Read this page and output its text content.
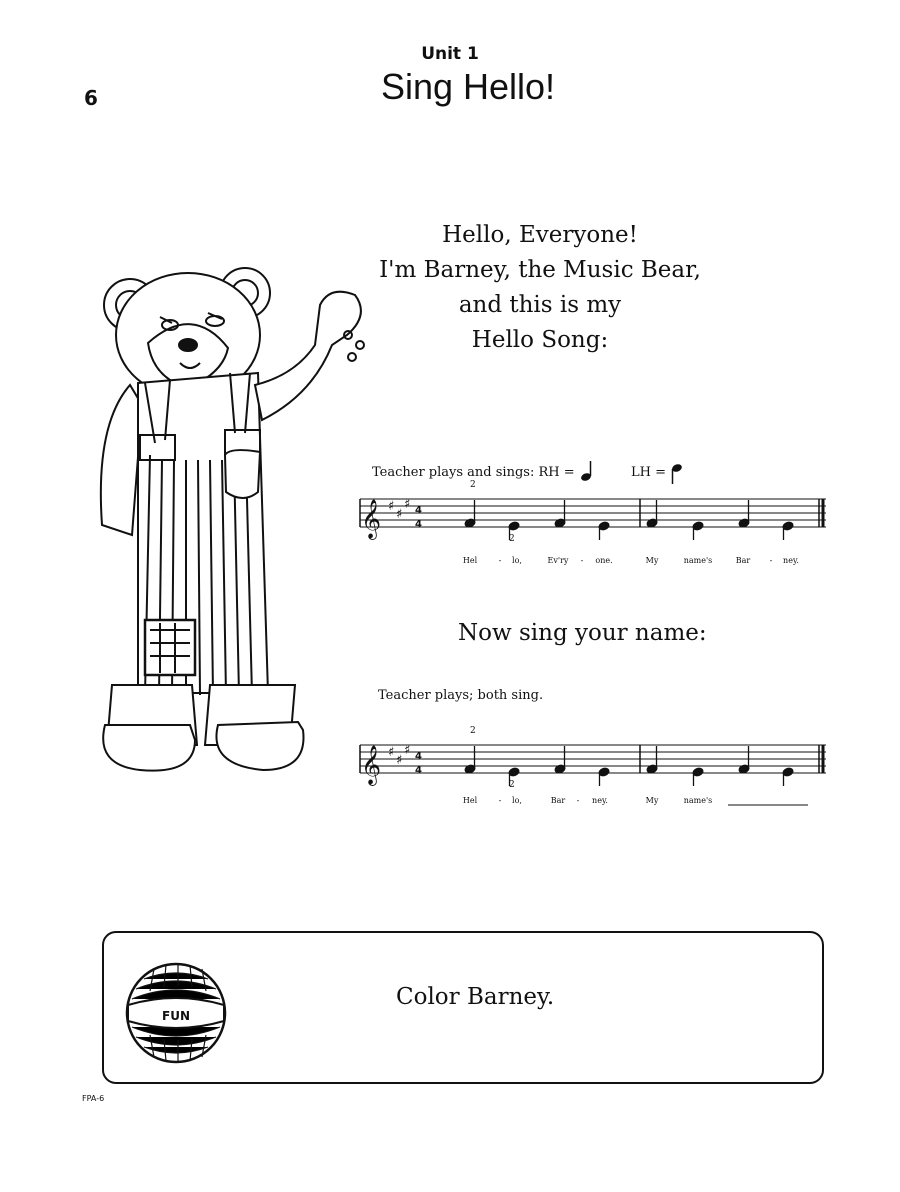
Unit 1
Sing Hello!
6
Hello, Everyone!
I'm Barney, the Music Bear,
and this is my
Hello Song:
Teacher plays and sings: RH =	LH =
𝄞 ♯
♯
♯ 4
4
2
2
Hel	- lo,	Ev'ry - one.	My	name's	Bar - ney.
Now sing your name:
Teacher plays; both sing.
𝄞 ♯
♯
♯ 4
4
2
2
Hel	- lo,	Bar - ney.	My	name's
FUN
Color Barney.
FPA-6
